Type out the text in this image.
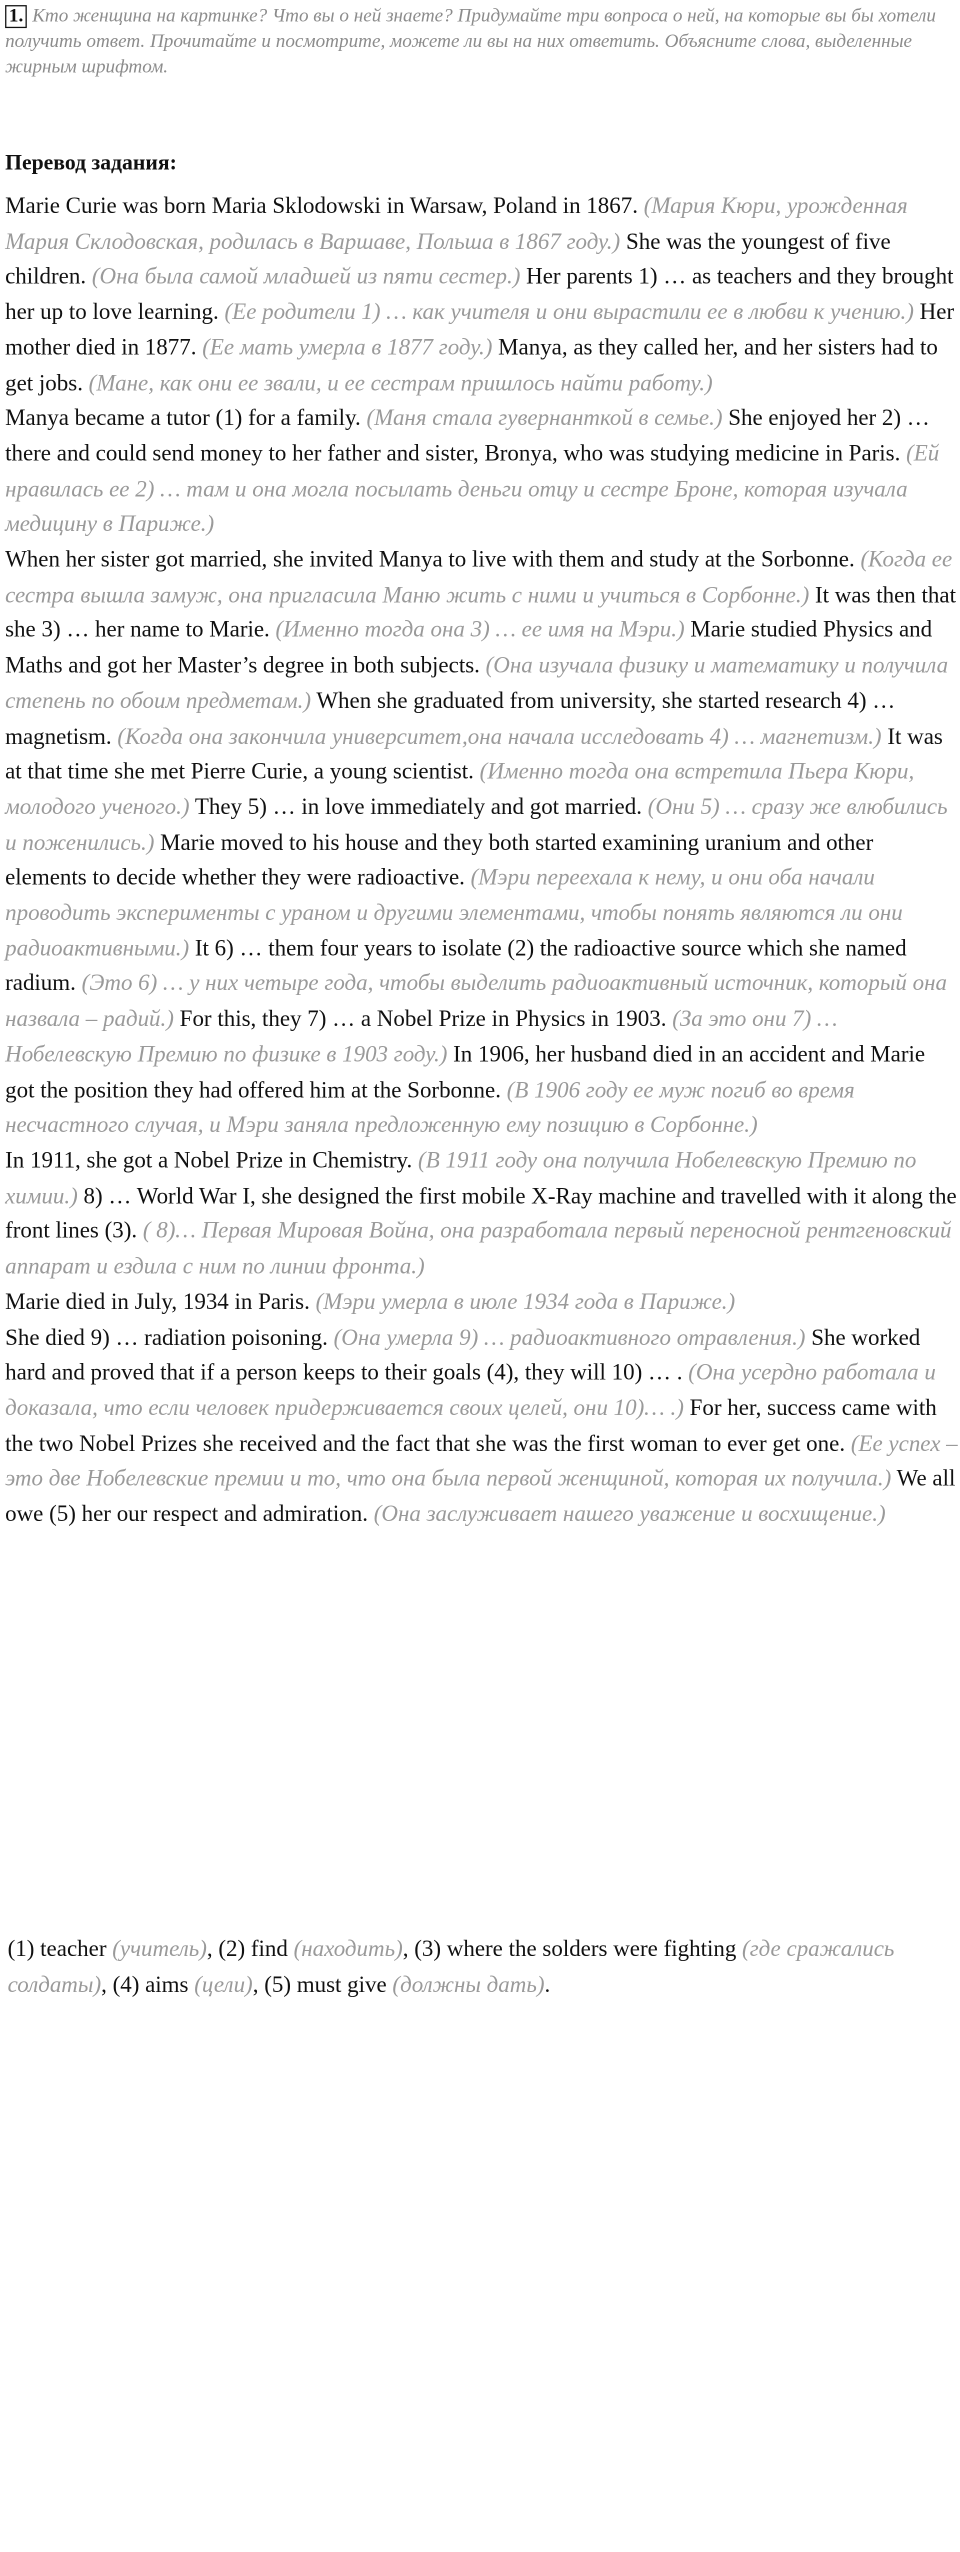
1. Кто женщина на картинке? Что вы о ней знаете? Придумайте три вопроса о ней, на которые вы бы хотели получить ответ. Прочитайте и посмотрите, можете ли вы на них ответить. Объясните слова, выделенные жирным шрифтом.

Перевод задания:

Marie Curie was born Maria Sklodowski in Warsaw, Poland in 1867. (Мария Кюри, урожденная Мария Склодовская, родилась в Варшаве, Польша в 1867 году.) She was the youngest of five children. (Она была самой младшей из пяти сестер.) Her parents 1) … as teachers and they brought her up to love learning. (Ее родители 1) … как учителя и они вырастили ее в любви к учению.) Her mother died in 1877. (Ее мать умерла в 1877 году.) Manya, as they called her, and her sisters had to get jobs. (Мане, как они ее звали, и ее сестрам пришлось найти работу.)

Manya became a tutor (1) for a family. (Маня стала гувернанткой в семье.) She enjoyed her 2) … there and could send money to her father and sister, Bronya, who was studying medicine in Paris. (Ей нравилась ее 2) … там и она могла посылать деньги отцу и сестре Броне, которая изучала медицину в Париже.)

When her sister got married, she invited Manya to live with them and study at the Sorbonne. (Когда ее сестра вышла замуж, она пригласила Маню жить с ними и учиться в Сорбонне.) It was then that she 3) … her name to Marie. (Именно тогда она 3) … ее имя на Мэри.) Marie studied Physics and Maths and got her Master’s degree in both subjects. (Она изучала физику и математику и получила степень по обоим предметам.) When she graduated from university, she started research 4) … magnetism. (Когда она закончила университет,она начала исследовать 4) … магнетизм.) It was at that time she met Pierre Curie, a young scientist. (Именно тогда она встретила Пьера Кюри, молодого ученого.) They 5) … in love immediately and got married. (Они 5) … сразу же влюбились и поженились.) Marie moved to his house and they both started examining uranium and other elements to decide whether they were radioactive. (Мэри переехала к нему, и они оба начали проводить эксперименты с ураном и другими элементами, чтобы понять являются ли они радиоактивными.) It 6) … them four years to isolate (2) the radioactive source which she named radium. (Это 6) … у них четыре года, чтобы выделить радиоактивный источник, который она назвала – радий.) For this, they 7) … a Nobel Prize in Physics in 1903. (За это они 7) … Нобелевскую Премию по физике в 1903 году.) In 1906, her husband died in an accident and Marie got the position they had offered him at the Sorbonne. (В 1906 году ее муж погиб во время несчастного случая, и Мэри заняла предложенную ему позицию в Сорбонне.)

In 1911, she got a Nobel Prize in Chemistry. (В 1911 году она получила Нобелевскую Премию по химии.) 8) … World War I, she designed the first mobile X-Ray machine and travelled with it along the front lines (3). ( 8)… Первая Мировая Война, она разработала первый переносной рентгеновский аппарат и ездила с ним по линии фронта.)

Marie died in July, 1934 in Paris. (Мэри умерла в июле 1934 года в Париже.)

She died 9) … radiation poisoning. (Она умерла 9) … радиоактивного отравления.) She worked hard and proved that if a person keeps to their goals (4), they will 10) … . (Она усердно работала и доказала, что если человек придерживается своих целей, они 10)… .) For her, success came with the two Nobel Prizes she received and the fact that she was the first woman to ever get one. (Ее успех – это две Нобелевские премии и то, что она была первой женщиной, которая их получила.) We all owe (5) her our respect and admiration. (Она заслуживает нашего уважение и восхищение.)

(1) teacher (учитель), (2) find (находить), (3) where the solders were fighting (где сражались солдаты), (4) aims (цели), (5) must give (должны дать).
